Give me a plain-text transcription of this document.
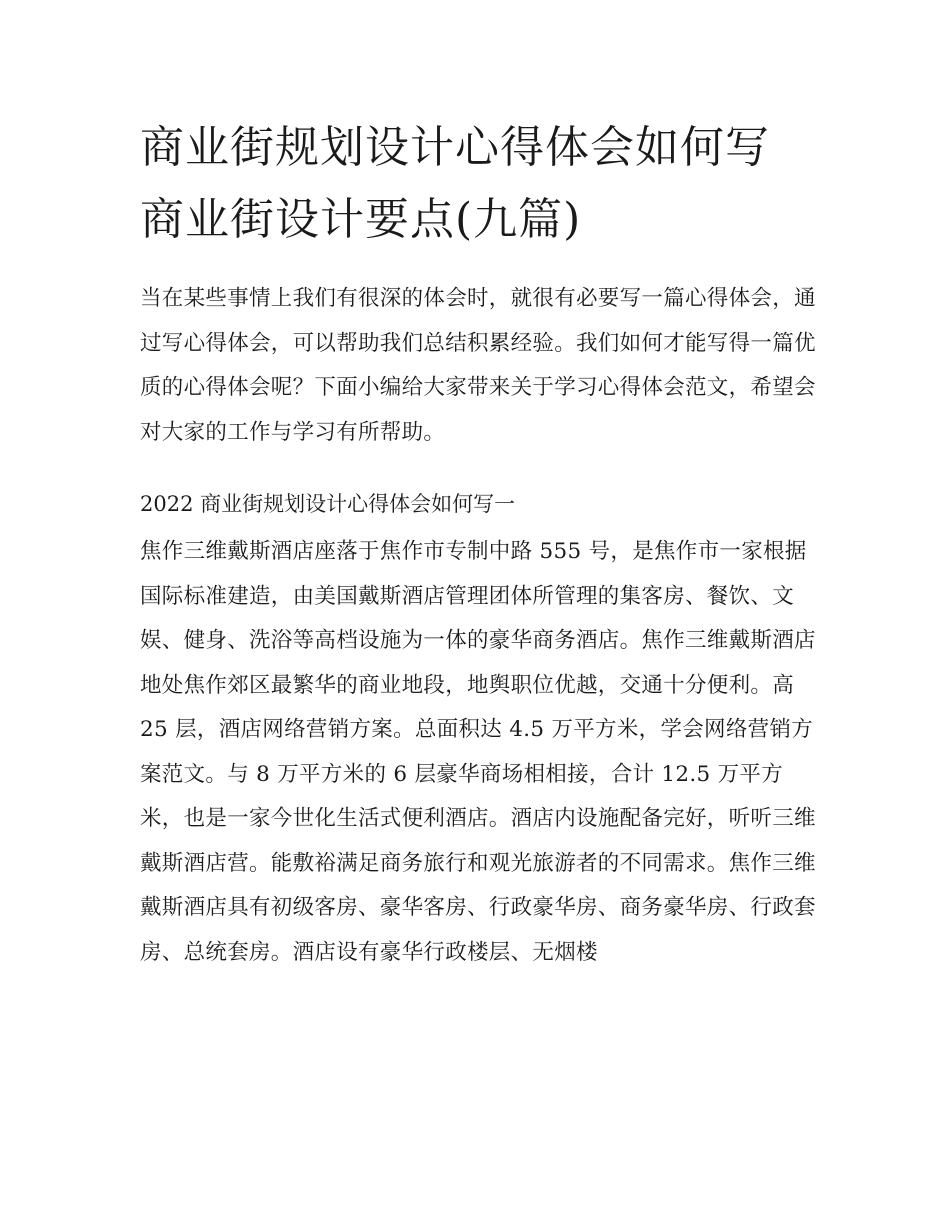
商业街规划设计心得体会如何写 商业街设计要点(九篇)

当在某些事情上我们有很深的体会时，就很有必要写一篇心得体会，通过写心得体会，可以帮助我们总结积累经验。我们如何才能写得一篇优质的心得体会呢？下面小编给大家带来关于学习心得体会范文，希望会对大家的工作与学习有所帮助。

2022 商业街规划设计心得体会如何写一

焦作三维戴斯酒店座落于焦作市专制中路 555 号，是焦作市一家根据国际标准建造，由美国戴斯酒店管理团体所管理的集客房、餐饮、文娱、健身、洗浴等高档设施为一体的豪华商务酒店。焦作三维戴斯酒店地处焦作郊区最繁华的商业地段，地舆职位优越，交通十分便利。高 25 层，酒店网络营销方案。总面积达 4.5 万平方米，学会网络营销方案范文。与 8 万平方米的 6 层豪华商场相相接，合计 12.5 万平方米，也是一家今世化生活式便利酒店。酒店内设施配备完好，听听三维戴斯酒店营。能敷裕满足商务旅行和观光旅游者的不同需求。焦作三维戴斯酒店具有初级客房、豪华客房、行政豪华房、商务豪华房、行政套房、总统套房。酒店设有豪华行政楼层、无烟楼
